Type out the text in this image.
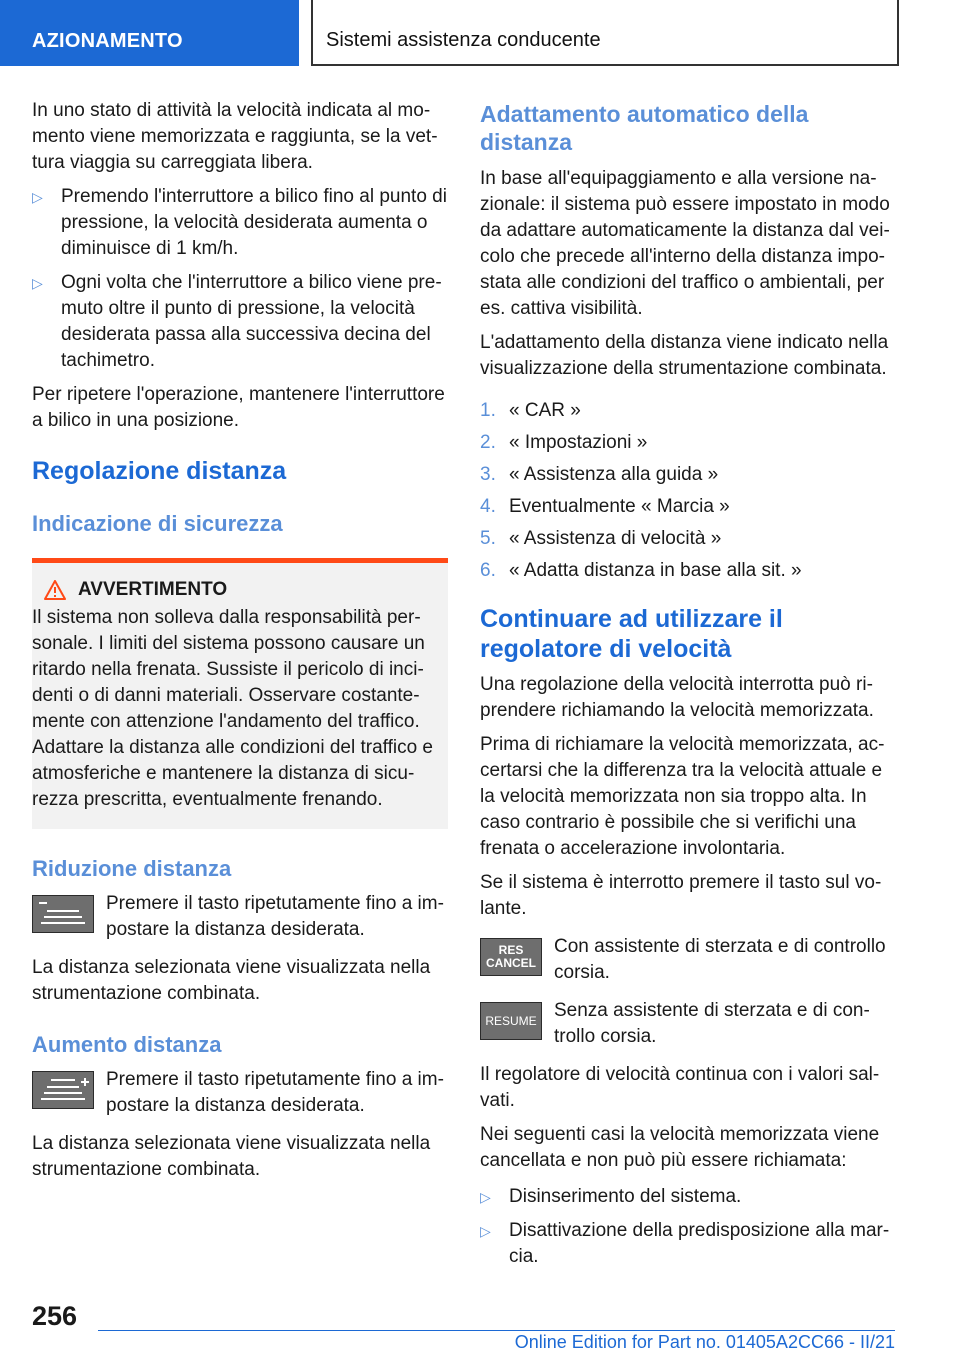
AZIONAMENTO	Sistemi assistenza conducente

In uno stato di attività la velocità indicata al momento viene memorizzata e raggiunta, se la vettura viaggia su carreggiata libera.

▷ Premendo l'interruttore a bilico fino al punto di pressione, la velocità desiderata aumenta o diminuisce di 1 km/h.
▷ Ogni volta che l'interruttore a bilico viene premuto oltre il punto di pressione, la velocità desiderata passa alla successiva decina del tachimetro.

Per ripetere l'operazione, mantenere l'interruttore a bilico in una posizione.

Regolazione distanza
Indicazione di sicurezza
AVVERTIMENTO

Il sistema non solleva dalla responsabilità personale. I limiti del sistema possono causare un ritardo nella frenata. Sussiste il pericolo di incidenti o di danni materiali. Osservare costantemente con attenzione l'andamento del traffico. Adattare la distanza alle condizioni del traffico e atmosferiche e mantenere la distanza di sicurezza prescritta, eventualmente frenando.

Riduzione distanza
Premere il tasto ripetutamente fino a impostare la distanza desiderata.

La distanza selezionata viene visualizzata nella strumentazione combinata.

Aumento distanza
Premere il tasto ripetutamente fino a impostare la distanza desiderata.

La distanza selezionata viene visualizzata nella strumentazione combinata.

Adattamento automatico della distanza

In base all'equipaggiamento e alla versione nazionale: il sistema può essere impostato in modo da adattare automaticamente la distanza dal veicolo che precede all'interno della distanza impostata alle condizioni del traffico o ambientali, per es. cattiva visibilità.

L'adattamento della distanza viene indicato nella visualizzazione della strumentazione combinata.

1. « CAR »
2. « Impostazioni »
3. « Assistenza alla guida »
4. Eventualmente « Marcia »
5. « Assistenza di velocità »
6. « Adatta distanza in base alla sit. »
Continuare ad utilizzare il regolatore di velocità

Una regolazione della velocità interrotta può riprendere richiamando la velocità memorizzata.

Prima di richiamare la velocità memorizzata, accertarsi che la differenza tra la velocità attuale e la velocità memorizzata non sia troppo alta. In caso contrario è possibile che si verifichi una frenata o accelerazione involontaria.

Se il sistema è interrotto premere il tasto sul volante.

RES
CANCEL
Con assistente di sterzata e di controllo corsia.
RESUME Senza assistente di sterzata e di controllo corsia.

Il regolatore di velocità continua con i valori salvati.

Nei seguenti casi la velocità memorizzata viene cancellata e non può più essere richiamata:

▷ Disinserimento del sistema.
▷ Disattivazione della predisposizione alla marcia.
256
Online Edition for Part no. 01405A2CC66 - II/21
